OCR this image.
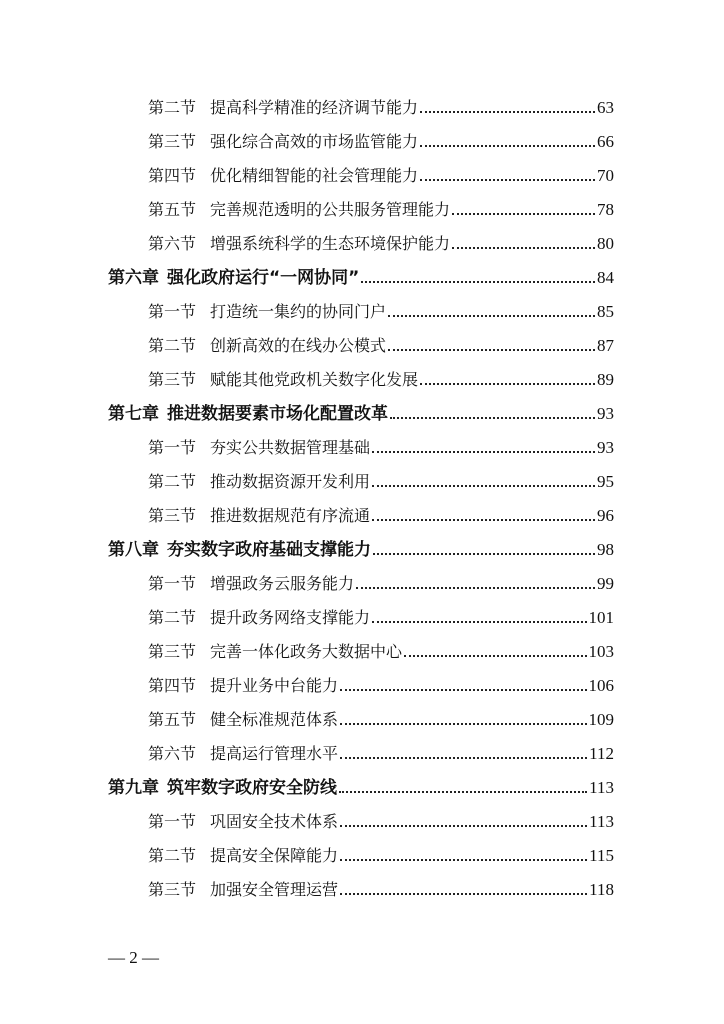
第二节 提高科学精准的经济调节能力	63
第三节 强化综合高效的市场监管能力	66
第四节 优化精细智能的社会管理能力	70
第五节 完善规范透明的公共服务管理能力	78
第六节 增强系统科学的生态环境保护能力	80
第六章 强化政府运行“一网协同”	84
第一节 打造统一集约的协同门户	85
第二节 创新高效的在线办公模式	87
第三节 赋能其他党政机关数字化发展	89
第七章 推进数据要素市场化配置改革	93
第一节 夯实公共数据管理基础	93
第二节 推动数据资源开发利用	95
第三节 推进数据规范有序流通	96
第八章 夯实数字政府基础支撑能力	98
第一节 增强政务云服务能力	99
第二节 提升政务网络支撑能力	101
第三节 完善一体化政务大数据中心	103
第四节 提升业务中台能力	106
第五节 健全标准规范体系	109
第六节 提高运行管理水平	112
第九章 筑牢数字政府安全防线	113
第一节 巩固安全技术体系	113
第二节 提高安全保障能力	115
第三节 加强安全管理运营	118
— 2 —
